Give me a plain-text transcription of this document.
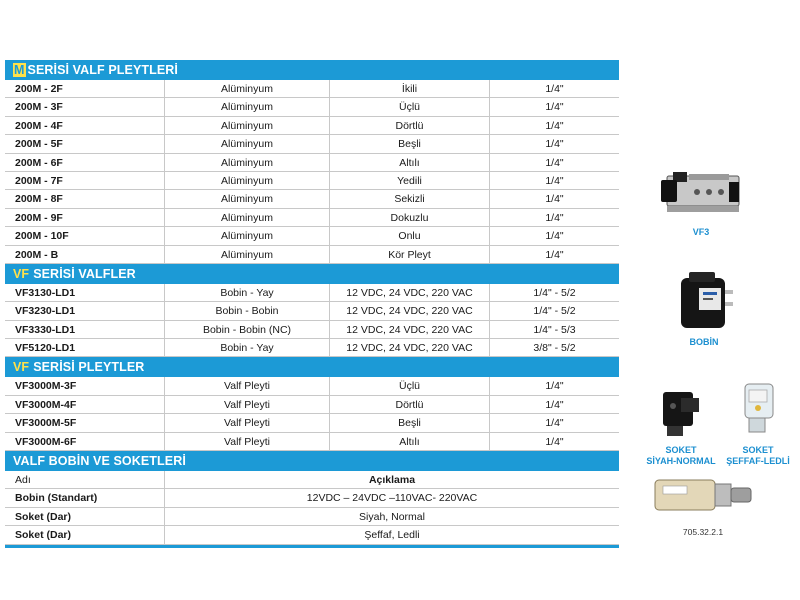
M SERİSİ VALF PLEYTLERİ
200M - 2F	Alüminyum	İkili	1/4"
200M - 3F	Alüminyum	Üçlü	1/4"
200M - 4F	Alüminyum	Dörtlü	1/4"
200M - 5F	Alüminyum	Beşli	1/4"
200M - 6F	Alüminyum	Altılı	1/4"
200M - 7F	Alüminyum	Yedili	1/4"
200M - 8F	Alüminyum	Sekizli	1/4"
200M - 9F	Alüminyum	Dokuzlu	1/4"
200M - 10F	Alüminyum	Onlu	1/4"
200M - B	Alüminyum	Kör Pleyt	1/4"
VF SERİSİ VALFLER
VF3130-LD1	Bobin - Yay	12 VDC, 24 VDC, 220 VAC	1/4" - 5/2
VF3230-LD1	Bobin - Bobin	12 VDC, 24 VDC, 220 VAC	1/4" - 5/2
VF3330-LD1	Bobin - Bobin (NC)	12 VDC, 24 VDC, 220 VAC	1/4" - 5/3
VF5120-LD1	Bobin - Yay	12 VDC, 24 VDC, 220 VAC	3/8" - 5/2
VF SERİSİ PLEYTLER
VF3000M-3F	Valf Pleyti	Üçlü	1/4"
VF3000M-4F	Valf Pleyti	Dörtlü	1/4"
VF3000M-5F	Valf Pleyti	Beşli	1/4"
VF3000M-6F	Valf Pleyti	Altılı	1/4"
VALF BOBİN VE SOKETLERİ
Adı	Açıklama
Bobin (Standart)	12VDC – 24VDC –110VAC- 220VAC
Soket (Dar)	Siyah, Normal
Soket (Dar)	Şeffaf, Ledli
VF3
BOBİN
SOKET
SİYAH-NORMAL
SOKET
ŞEFFAF-LEDLİ
705.32.2.1
